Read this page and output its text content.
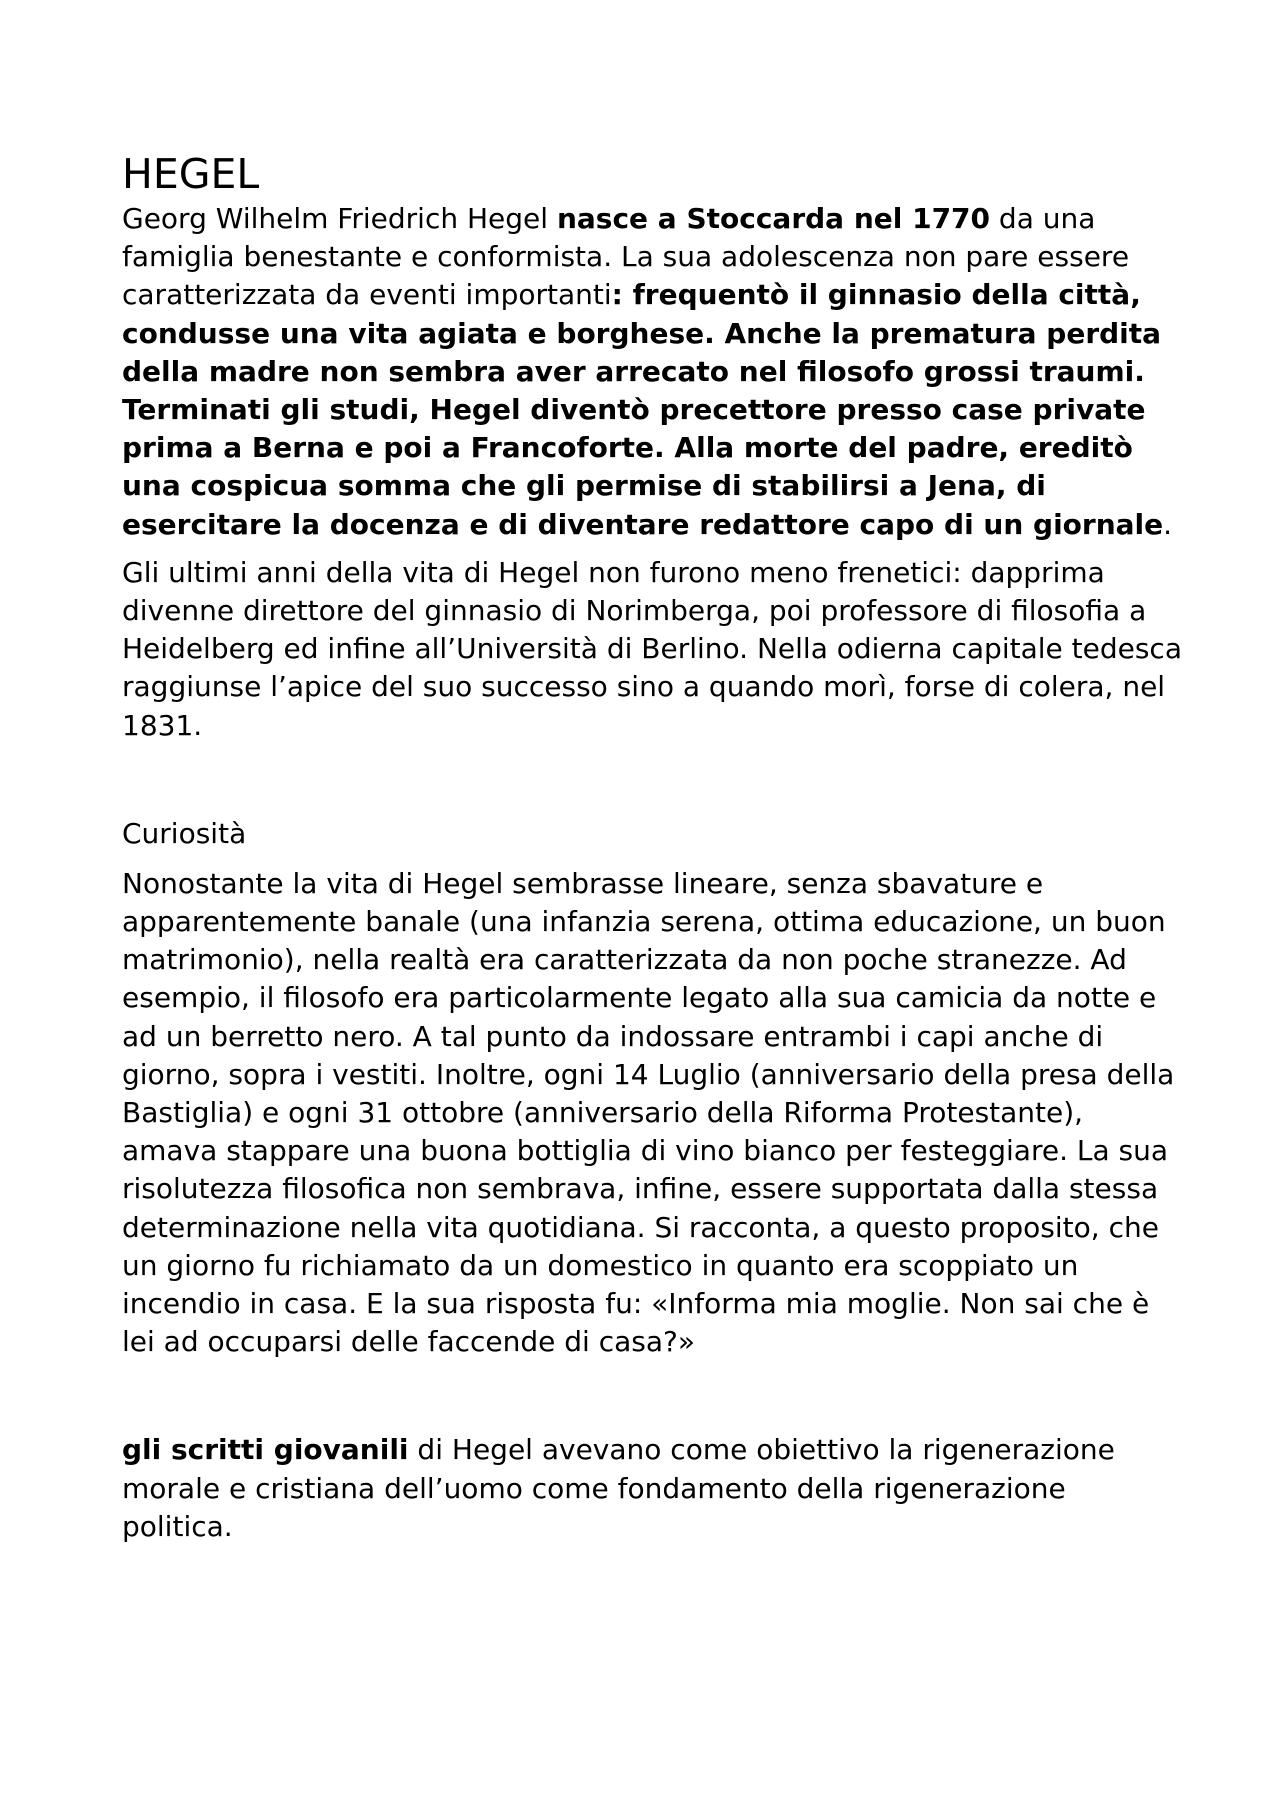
HEGEL

Georg Wilhelm Friedrich Hegel nasce a Stoccarda nel 1770 da una famiglia benestante e conformista. La sua adolescenza non pare essere caratterizzata da eventi importanti: frequentò il ginnasio della città, condusse una vita agiata e borghese. Anche la prematura perdita della madre non sembra aver arrecato nel filosofo grossi traumi.
Terminati gli studi, Hegel diventò precettore presso case private prima a Berna e poi a Francoforte. Alla morte del padre, ereditò una cospicua somma che gli permise di stabilirsi a Jena, di esercitare la docenza e di diventare redattore capo di un giornale.

Gli ultimi anni della vita di Hegel non furono meno frenetici: dapprima divenne direttore del ginnasio di Norimberga, poi professore di filosofia a Heidelberg ed infine all’Università di Berlino. Nella odierna capitale tedesca raggiunse l’apice del suo successo sino a quando morì, forse di colera, nel 1831.

Curiosità

Nonostante la vita di Hegel sembrasse lineare, senza sbavature e apparentemente banale (una infanzia serena, ottima educazione, un buon matrimonio), nella realtà era caratterizzata da non poche stranezze. Ad esempio, il filosofo era particolarmente legato alla sua camicia da notte e ad un berretto nero. A tal punto da indossare entrambi i capi anche di giorno, sopra i vestiti. Inoltre, ogni 14 Luglio (anniversario della presa della Bastiglia) e ogni 31 ottobre (anniversario della Riforma Protestante), amava stappare una buona bottiglia di vino bianco per festeggiare. La sua risolutezza filosofica non sembrava, infine, essere supportata dalla stessa determinazione nella vita quotidiana. Si racconta, a questo proposito, che un giorno fu richiamato da un domestico in quanto era scoppiato un incendio in casa. E la sua risposta fu: «Informa mia moglie. Non sai che è lei ad occuparsi delle faccende di casa?»

gli scritti giovanili di Hegel avevano come obiettivo la rigenerazione morale e cristiana dell’uomo come fondamento della rigenerazione politica.
